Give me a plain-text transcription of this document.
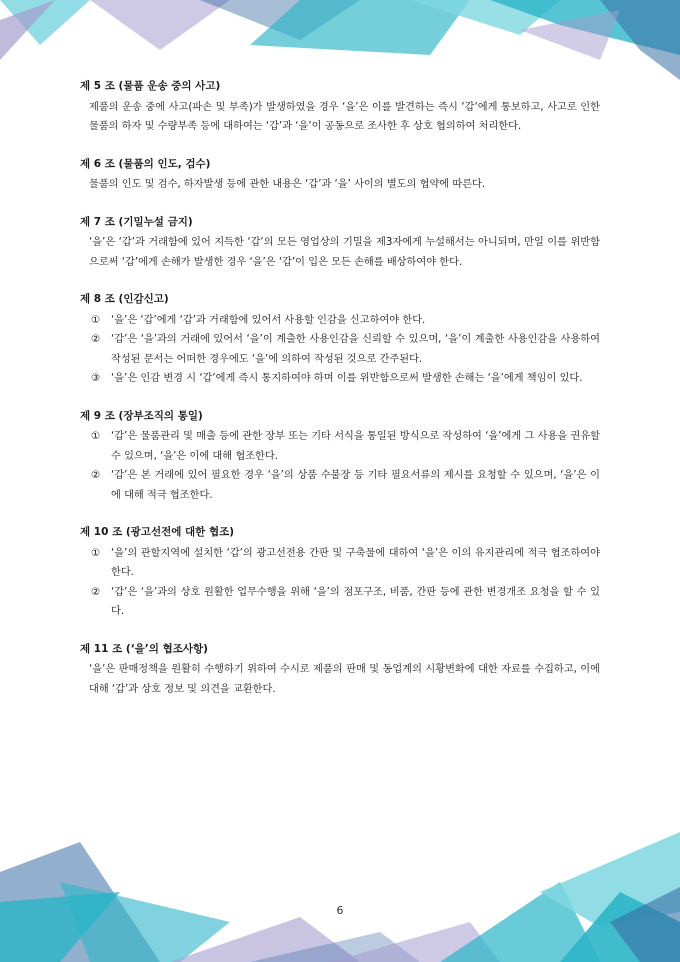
제 5 조 (물품 운송 중의 사고)
제품의 운송 중에 사고(파손 및 부족)가 발생하였을 경우 ‘을’은 이를 발견하는 즉시 ‘갑’에게 통보하고, 사고로 인한 물품의 하자 및 수량부족 등에 대하여는 ‘갑’과 ‘을’이 공동으로 조사한 후 상호 협의하여 처리한다.
제 6 조 (물품의 인도, 검수)
물품의 인도 및 검수, 하자발생 등에 관한 내용은 ‘갑’과 ‘을’ 사이의 별도의 협약에 따른다.
제 7 조 (기밀누설 금지)
‘을’은 ‘갑’과 거래함에 있어 지득한 ‘갑’의 모든 영업상의 기밀을 제3자에게 누설해서는 아니되며, 만일 이를 위반함으로써 ‘갑’에게 손해가 발생한 경우 ‘을’은 ‘갑’이 입은 모든 손해를 배상하여야 한다.
제 8 조 (인감신고)
① ‘을’은 ‘갑’에게 ‘갑’과 거래함에 있어서 사용할 인감을 신고하여야 한다.
② ‘갑’은 ‘을’과의 거래에 있어서 ‘을’이 계출한 사용인감을 신뢰할 수 있으며, ‘을’이 계출한 사용인감을 사용하여 작성된 문서는 어떠한 경우에도 ‘을’에 의하여 작성된 것으로 간주된다.
③ ‘을’은 인감 변경 시 ‘갑’에게 즉시 통지하여야 하며 이를 위반함으로써 발생한 손해는 ‘을’에게 책임이 있다.
제 9 조 (장부조직의 통일)
① ‘갑’은 물품관리 및 매출 등에 관한 장부 또는 기타 서식을 통일된 방식으로 작성하여 ‘을’에게 그 사용을 권유할 수 있으며, ‘을’은 이에 대해 협조한다.
② ‘갑’은 본 거래에 있어 필요한 경우 ‘을’의 상품 수불장 등 기타 필요서류의 제시를 요청할 수 있으며, ‘을’은 이에 대해 적극 협조한다.
제 10 조 (광고선전에 대한 협조)
① ‘을’의 관할지역에 설치한 ‘갑’의 광고선전용 간판 및 구축물에 대하여 ‘을’은 이의 유지관리에 적극 협조하여야 한다.
② ‘갑’은 ‘을’과의 상호 원활한 업무수행을 위해 ‘을’의 점포구조, 비품, 간판 등에 관한 변경개조 요청을 할 수 있다.
제 11 조 (‘을’의 협조사항)
‘을’은 판매정책을 원활히 수행하기 위하여 수시로 제품의 판매 및 동업계의 시황변화에 대한 자료를 수집하고, 이에 대해 ‘갑’과 상호 정보 및 의견을 교환한다.
6
